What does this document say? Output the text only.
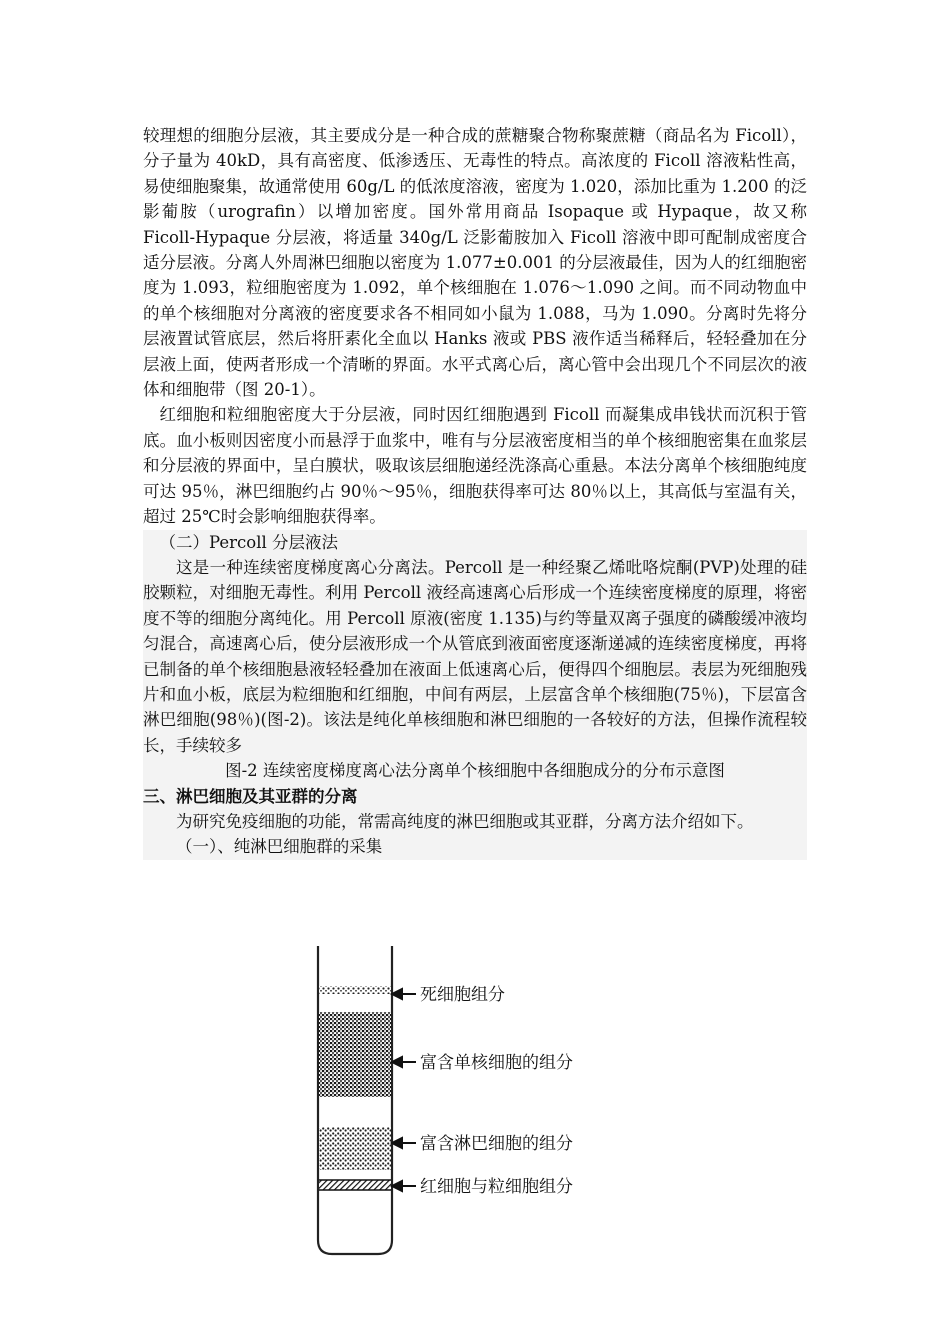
较理想的细胞分层液，其主要成分是一种合成的蔗糖聚合物称聚蔗糖（商品名为 Ficoll），分子量为 40kD，具有高密度、低渗透压、无毒性的特点。高浓度的 Ficoll 溶液粘性高，易使细胞聚集，故通常使用 60g/L 的低浓度溶液，密度为 1.020，添加比重为 1.200 的泛影葡胺（urografin）以增加密度。国外常用商品 Isopaque 或 Hypaque，故又称 Ficoll-Hypaque 分层液，将适量 340g/L 泛影葡胺加入 Ficoll 溶液中即可配制成密度合适分层液。分离人外周淋巴细胞以密度为 1.077±0.001 的分层液最佳，因为人的红细胞密度为 1.093，粒细胞密度为 1.092，单个核细胞在 1.076～1.090 之间。而不同动物血中的单个核细胞对分离液的密度要求各不相同如小鼠为 1.088，马为 1.090。分离时先将分层液置试管底层，然后将肝素化全血以 Hanks 液或 PBS 液作适当稀释后，轻轻叠加在分层液上面，使两者形成一个清晰的界面。水平式离心后，离心管中会出现几个不同层次的液体和细胞带（图 20-1）。

红细胞和粒细胞密度大于分层液，同时因红细胞遇到 Ficoll 而凝集成串钱状而沉积于管底。血小板则因密度小而悬浮于血浆中，唯有与分层液密度相当的单个核细胞密集在血浆层和分层液的界面中，呈白膜状，吸取该层细胞递经洗涤高心重悬。本法分离单个核细胞纯度可达 95％，淋巴细胞约占 90％～95％，细胞获得率可达 80％以上，其高低与室温有关，超过 25℃时会影响细胞获得率。

（二）Percoll 分层液法

这是一种连续密度梯度离心分离法。Percoll 是一种经聚乙烯吡咯烷酮(PVP)处理的硅胶颗粒，对细胞无毒性。利用 Percoll 液经高速离心后形成一个连续密度梯度的原理，将密度不等的细胞分离纯化。用 Percoll 原液(密度 1.135)与约等量双离子强度的磷酸缓冲液均匀混合，高速离心后，使分层液形成一个从管底到液面密度逐渐递减的连续密度梯度，再将已制备的单个核细胞悬液轻轻叠加在液面上低速离心后，便得四个细胞层。表层为死细胞残片和血小板，底层为粒细胞和红细胞，中间有两层，上层富含单个核细胞(75％)，下层富含淋巴细胞(98％)(图-2)。该法是纯化单核细胞和淋巴细胞的一各较好的方法，但操作流程较长，手续较多

图-2 连续密度梯度离心法分离单个核细胞中各细胞成分的分布示意图

三、淋巴细胞及其亚群的分离

为研究免疫细胞的功能，常需高纯度的淋巴细胞或其亚群，分离方法介绍如下。

（一）、纯淋巴细胞群的采集

死细胞组分
富含单核细胞的组分
富含淋巴细胞的组分
红细胞与粒细胞组分
